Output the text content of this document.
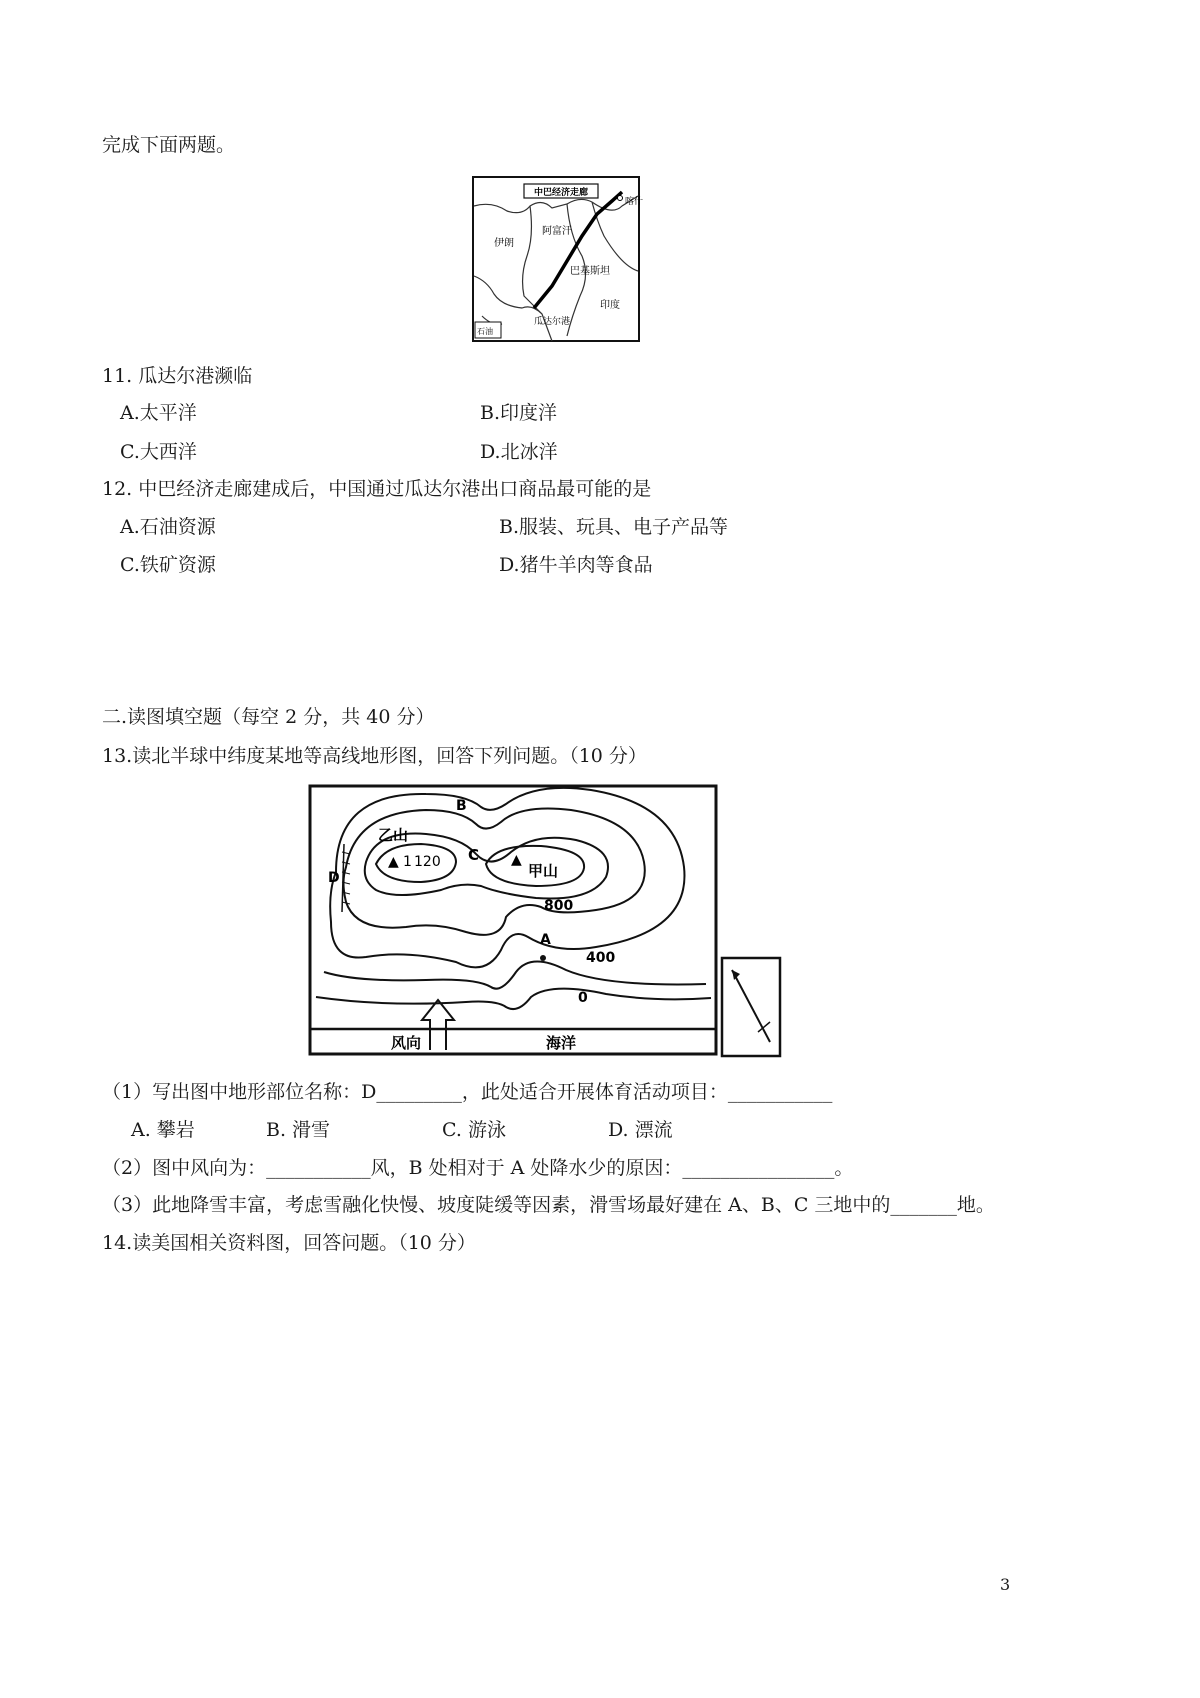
完成下面两题。
中巴经济走廊
喀什
伊朗
阿富汗
巴基斯坦
印度
瓜达尔港
石油
11. 瓜达尔港濒临
A.太平洋	B.印度洋
C.大西洋	D.北冰洋
12. 中巴经济走廊建成后，中国通过瓜达尔港出口商品最可能的是
A.石油资源	B.服装、玩具、电子产品等
C.铁矿资源	D.猪牛羊肉等食品
二.读图填空题（每空 2 分，共 40 分）
13.读北半球中纬度某地等高线地形图，回答下列问题。（10 分）
B
乙山
▲ 1 120 C ▲
甲山
D
800
A
400
0
风向	海洋
（1）写出图中地形部位名称：D_________，此处适合开展体育活动项目：___________
A. 攀岩	B. 滑雪	C. 游泳	D. 漂流
（2）图中风向为：___________风，B 处相对于 A 处降水少的原因：________________。
（3）此地降雪丰富，考虑雪融化快慢、坡度陡缓等因素，滑雪场最好建在 A、B、C 三地中的_______地。
14.读美国相关资料图，回答问题。（10 分）
3
